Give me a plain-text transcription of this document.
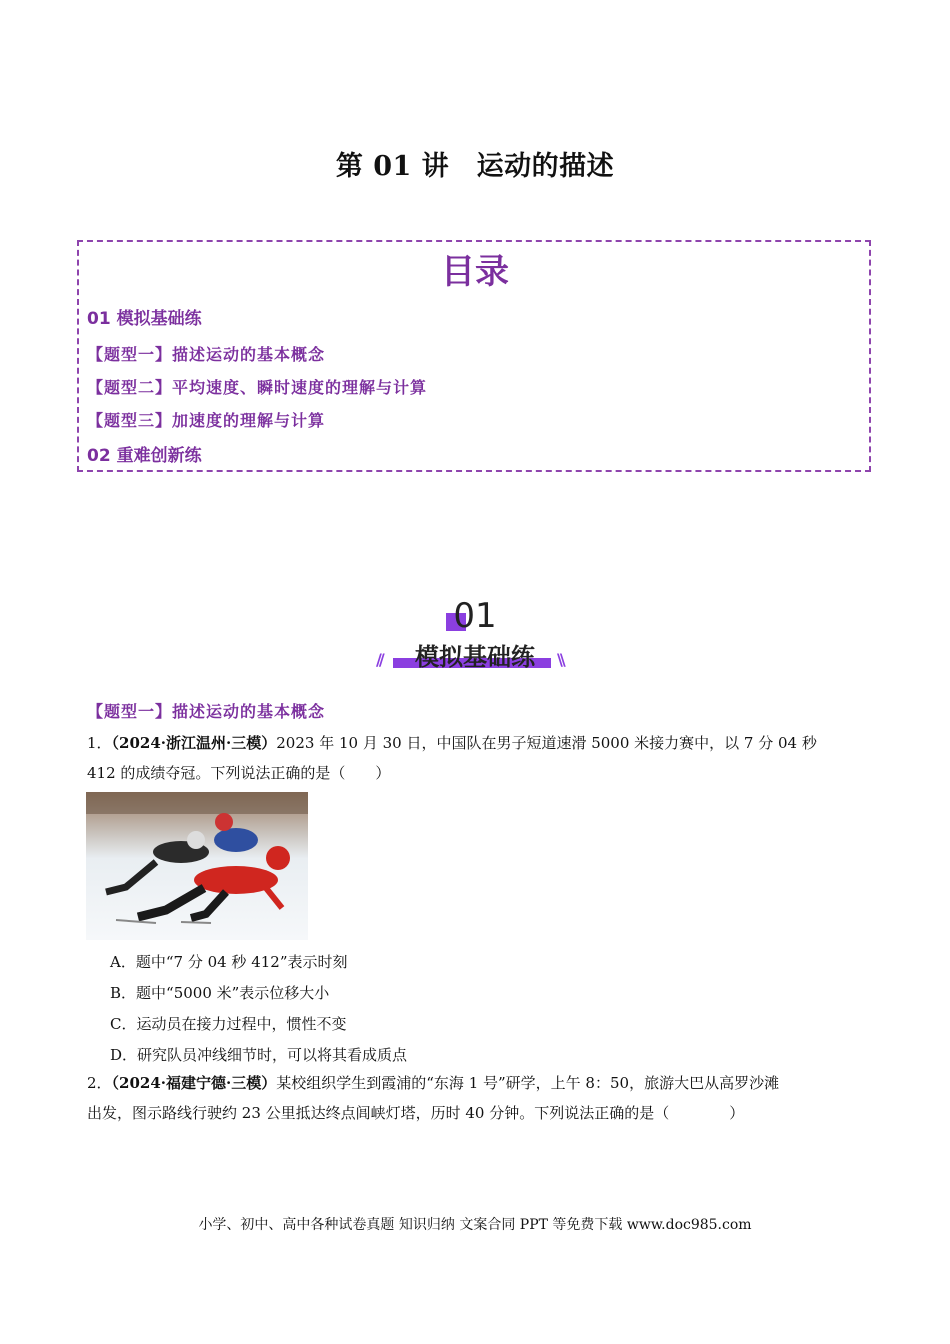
第 01 讲　运动的描述
目录
01 模拟基础练
【题型一】描述运动的基本概念
【题型二】平均速度、瞬时速度的理解与计算
【题型三】加速度的理解与计算
02 重难创新练
01
//	模拟基础练	\\
【题型一】描述运动的基本概念
1．（2024·浙江温州·三模）2023 年 10 月 30 日，中国队在男子短道速滑 5000 米接力赛中，以 7 分 04 秒
412 的成绩夺冠。下列说法正确的是（　　）
A．题中“7 分 04 秒 412”表示时刻
B．题中“5000 米”表示位移大小
C．运动员在接力过程中，惯性不变
D．研究队员冲线细节时，可以将其看成质点
2．（2024·福建宁德·三模）某校组织学生到霞浦的“东海 1 号”研学，上午 8：50，旅游大巴从高罗沙滩
出发，图示路线行驶约 23 公里抵达终点闾峡灯塔，历时 40 分钟。下列说法正确的是（　　　　）
小学、初中、高中各种试卷真题 知识归纳 文案合同 PPT 等免费下载 www.doc985.com
